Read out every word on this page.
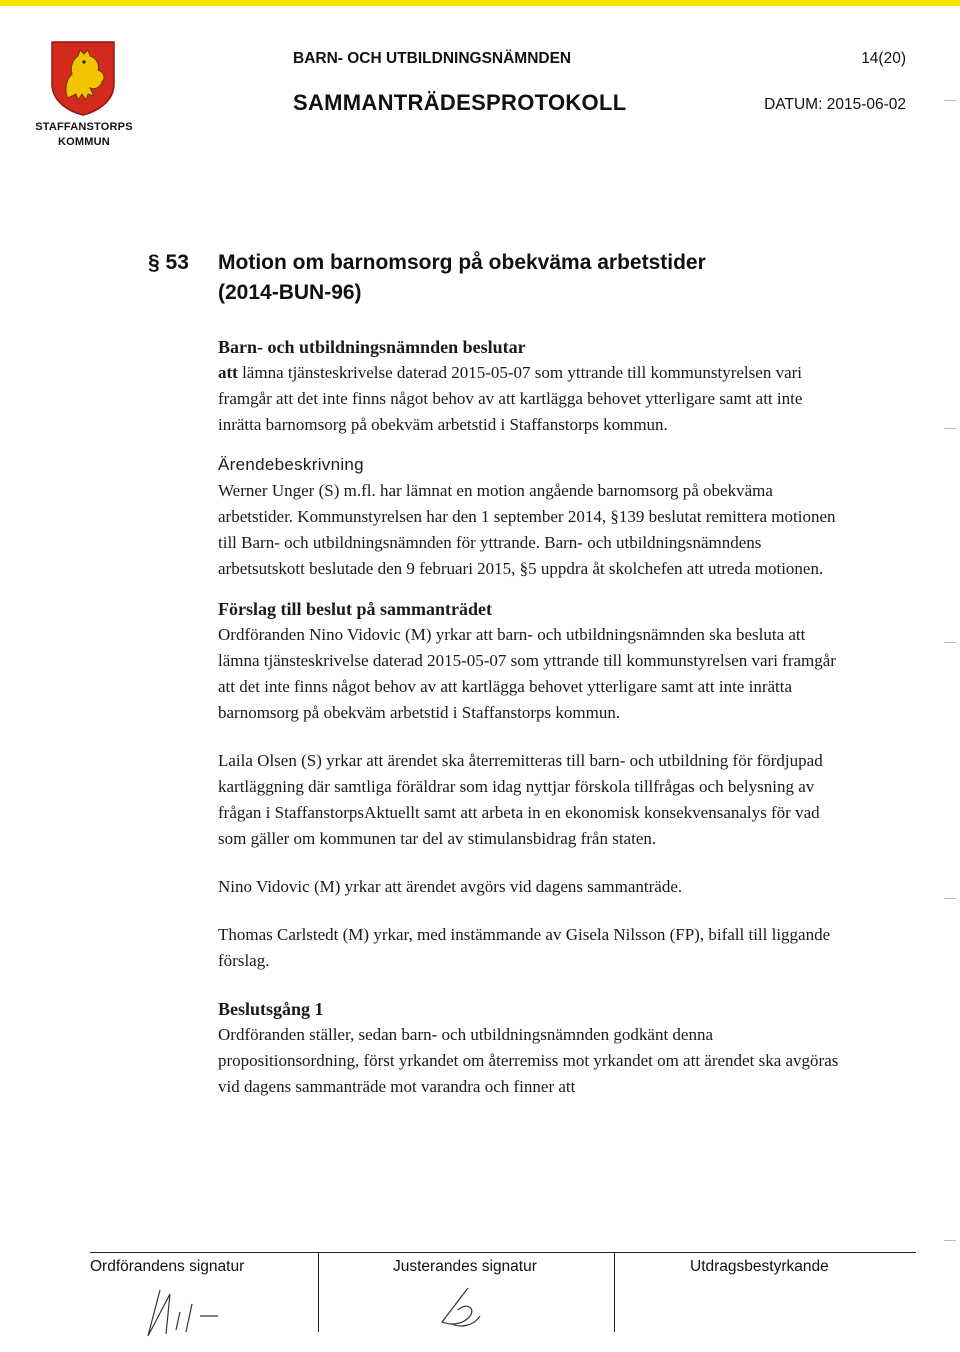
STAFFANSTORPS
KOMMUN
BARN- OCH UTBILDNINGSNÄMNDEN	14(20)
SAMMANTRÄDESPROTOKOLL	DATUM: 2015-06-02
§ 53 Motion om barnomsorg på obekväma arbetstider
(2014-BUN-96)

Barn- och utbildningsnämnden beslutar

att lämna tjänsteskrivelse daterad 2015-05-07 som yttrande till kommunstyrelsen vari framgår att det inte finns något behov av att kartlägga behovet ytterligare samt att inte inrätta barnomsorg på obekväm arbetstid i Staffanstorps kommun.

Ärendebeskrivning

Werner Unger (S) m.fl. har lämnat en motion angående barnomsorg på obekväma arbetstider. Kommunstyrelsen har den 1 september 2014, §139 beslutat remittera motionen till Barn- och utbildningsnämnden för yttrande. Barn- och utbildningsnämndens arbetsutskott beslutade den 9 februari 2015, §5 uppdra åt skolchefen att utreda motionen.

Förslag till beslut på sammanträdet

Ordföranden Nino Vidovic (M) yrkar att barn- och utbildningsnämnden ska besluta att lämna tjänsteskrivelse daterad 2015-05-07 som yttrande till kommunstyrelsen vari framgår att det inte finns något behov av att kartlägga behovet ytterligare samt att inte inrätta barnomsorg på obekväm arbetstid i Staffanstorps kommun.

Laila Olsen (S) yrkar att ärendet ska återremitteras till barn- och utbildning för fördjupad kartläggning där samtliga föräldrar som idag nyttjar förskola tillfrågas och belysning av frågan i StaffanstorpsAktuellt samt att arbeta in en ekonomisk konsekvensanalys för vad som gäller om kommunen tar del av stimulansbidrag från staten.

Nino Vidovic (M) yrkar att ärendet avgörs vid dagens sammanträde.

Thomas Carlstedt (M) yrkar, med instämmande av Gisela Nilsson (FP), bifall till liggande förslag.

Beslutsgång 1

Ordföranden ställer, sedan barn- och utbildningsnämnden godkänt denna propositionsordning, först yrkandet om återremiss mot yrkandet om att ärendet ska avgöras vid dagens sammanträde mot varandra och finner att

Ordförandens signatur	Justerandes signatur	Utdragsbestyrkande
